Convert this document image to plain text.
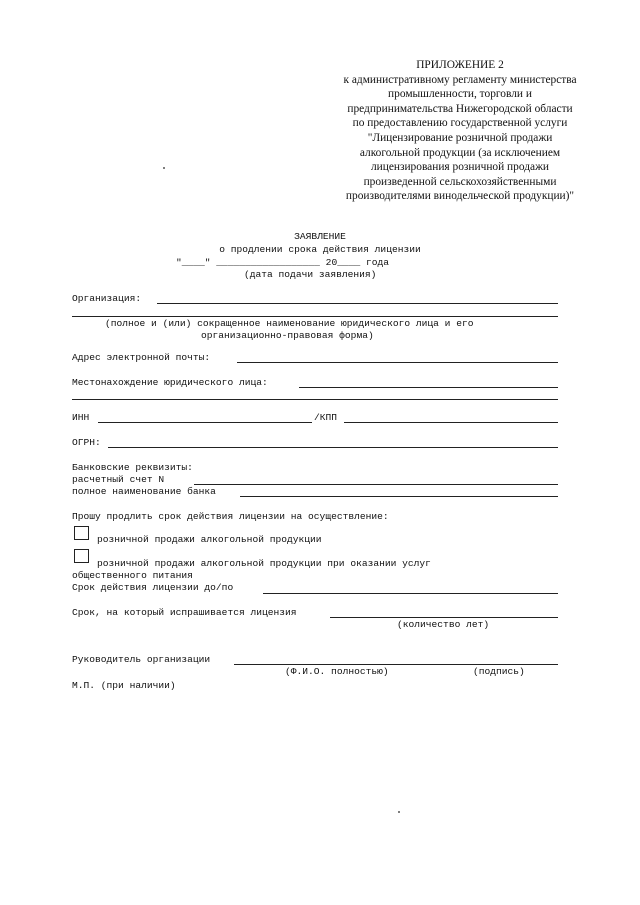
ПРИЛОЖЕНИЕ 2
к административному регламенту министерства
промышленности, торговли и
предпринимательства Нижегородской области
по предоставлению государственной услуги
"Лицензирование розничной продажи
алкогольной продукции (за исключением
лицензирования розничной продажи
произведенной сельскохозяйственными
производителями винодельческой продукции)"
ЗАЯВЛЕНИЕ
о продлении срока действия лицензии
"____" __________________ 20____ года
(дата подачи заявления)
Организация:
(полное и (или) сокращенное наименование юридического лица и его
организационно-правовая форма)
Адрес электронной почты:
Местонахождение юридического лица:
ИНН	/КПП
ОГРН:
Банковские реквизиты:
расчетный счет N
полное наименование банка
Прошу продлить срок действия лицензии на осуществление:
розничной продажи алкогольной продукции
розничной продажи алкогольной продукции при оказании услуг
общественного питания
Срок действия лицензии до/по
Срок, на который испрашивается лицензия
(количество лет)
Руководитель организации
(Ф.И.О. полностью)	(подпись)
М.П. (при наличии)
